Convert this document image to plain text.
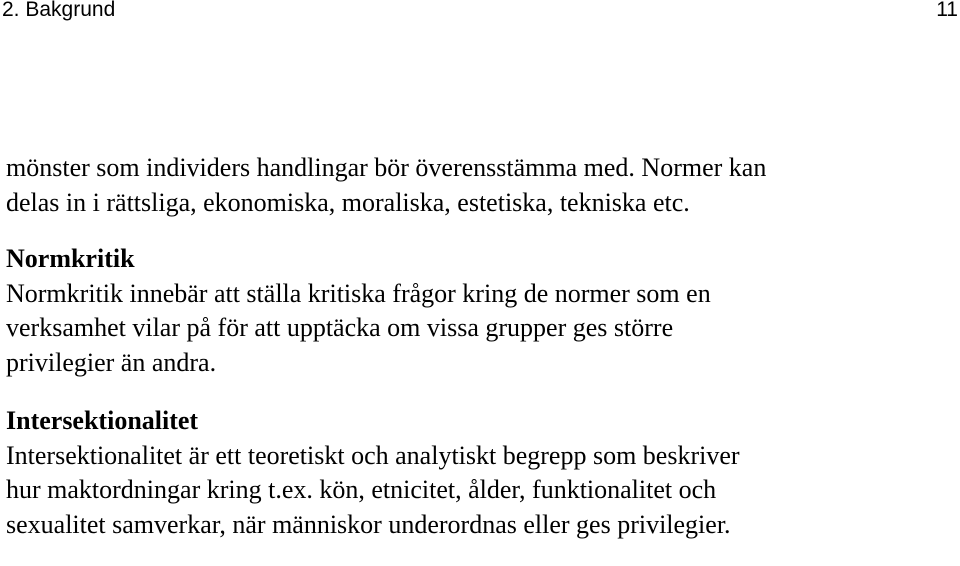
2. Bakgrund	11

mönster som individers handlingar bör överensstämma med. Normer kan

delas in i rättsliga, ekonomiska, moraliska, estetiska, tekniska etc.

Normkritik

Normkritik innebär att ställa kritiska frågor kring de normer som en

verksamhet vilar på för att upptäcka om vissa grupper ges större

privilegier än andra.

Intersektionalitet

Intersektionalitet är ett teoretiskt och analytiskt begrepp som beskriver

hur maktordningar kring t.ex. kön, etnicitet, ålder, funktionalitet och

sexualitet samverkar, när människor underordnas eller ges privilegier.
